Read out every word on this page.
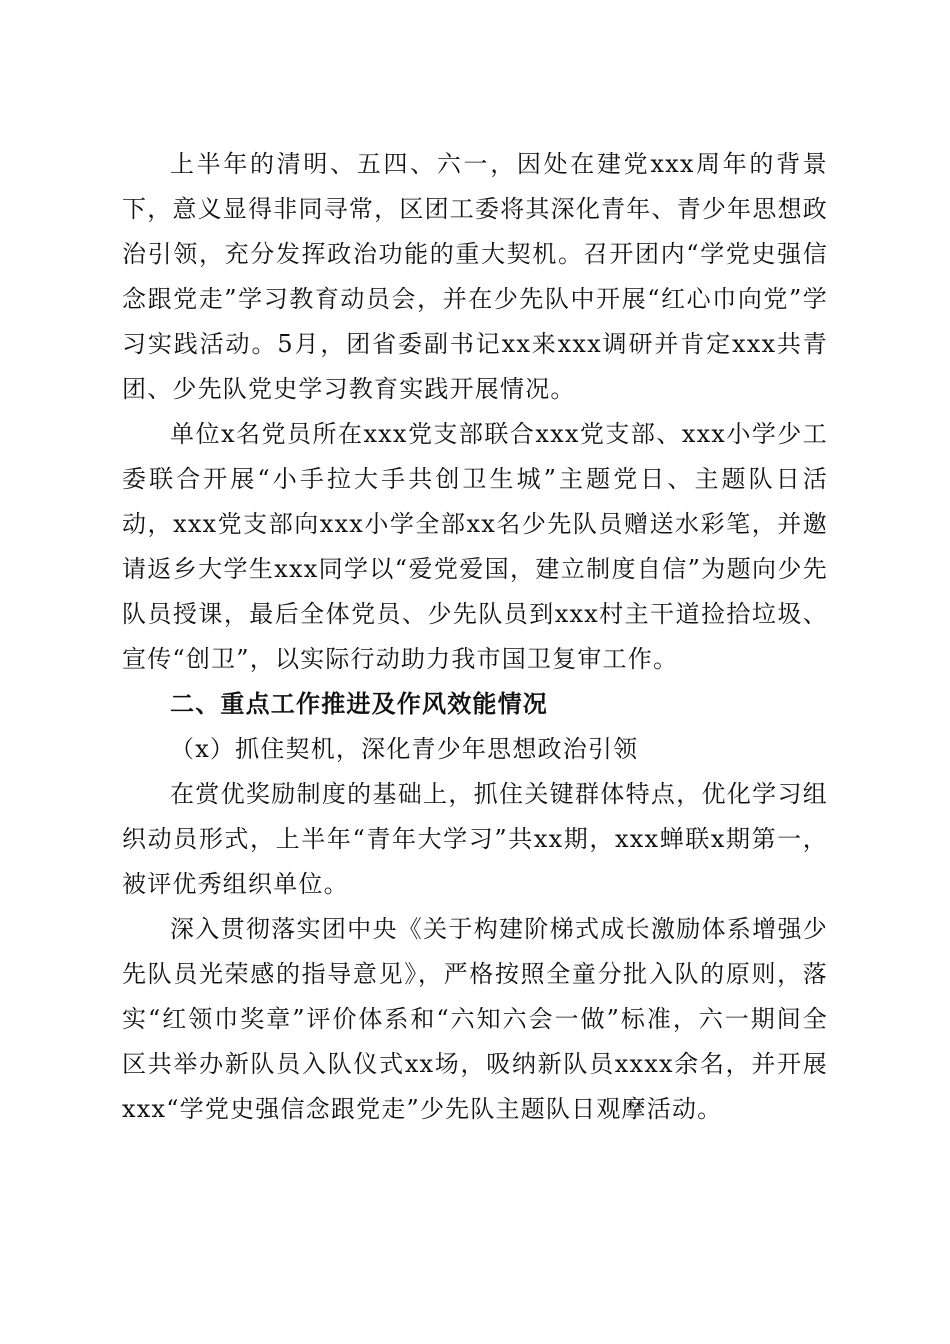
上半年的清明、五四、六一，因处在建党xxx周年的背景下，意义显得非同寻常，区团工委将其深化青年、青少年思想政治引领，充分发挥政治功能的重大契机。召开团内“学党史强信念跟党走”学习教育动员会，并在少先队中开展“红心巾向党”学习实践活动。5月，团省委副书记xx来xxx调研并肯定xxx共青团、少先队党史学习教育实践开展情况。

单位x名党员所在xxx党支部联合xxx党支部、xxx小学少工委联合开展“小手拉大手共创卫生城”主题党日、主题队日活动，xxx党支部向xxx小学全部xx名少先队员赠送水彩笔，并邀请返乡大学生xxx同学以“爱党爱国，建立制度自信”为题向少先队员授课，最后全体党员、少先队员到xxx村主干道捡拾垃圾、宣传“创卫”，以实际行动助力我市国卫复审工作。

二、重点工作推进及作风效能情况

（x）抓住契机，深化青少年思想政治引领

在赏优奖励制度的基础上，抓住关键群体特点，优化学习组织动员形式，上半年“青年大学习”共xx期，xxx蝉联x期第一，被评优秀组织单位。

深入贯彻落实团中央《关于构建阶梯式成长激励体系增强少先队员光荣感的指导意见》，严格按照全童分批入队的原则，落实“红领巾奖章”评价体系和“六知六会一做”标准，六一期间全区共举办新队员入队仪式xx场，吸纳新队员xxxx余名，并开展xxx“学党史强信念跟党走”少先队主题队日观摩活动。
